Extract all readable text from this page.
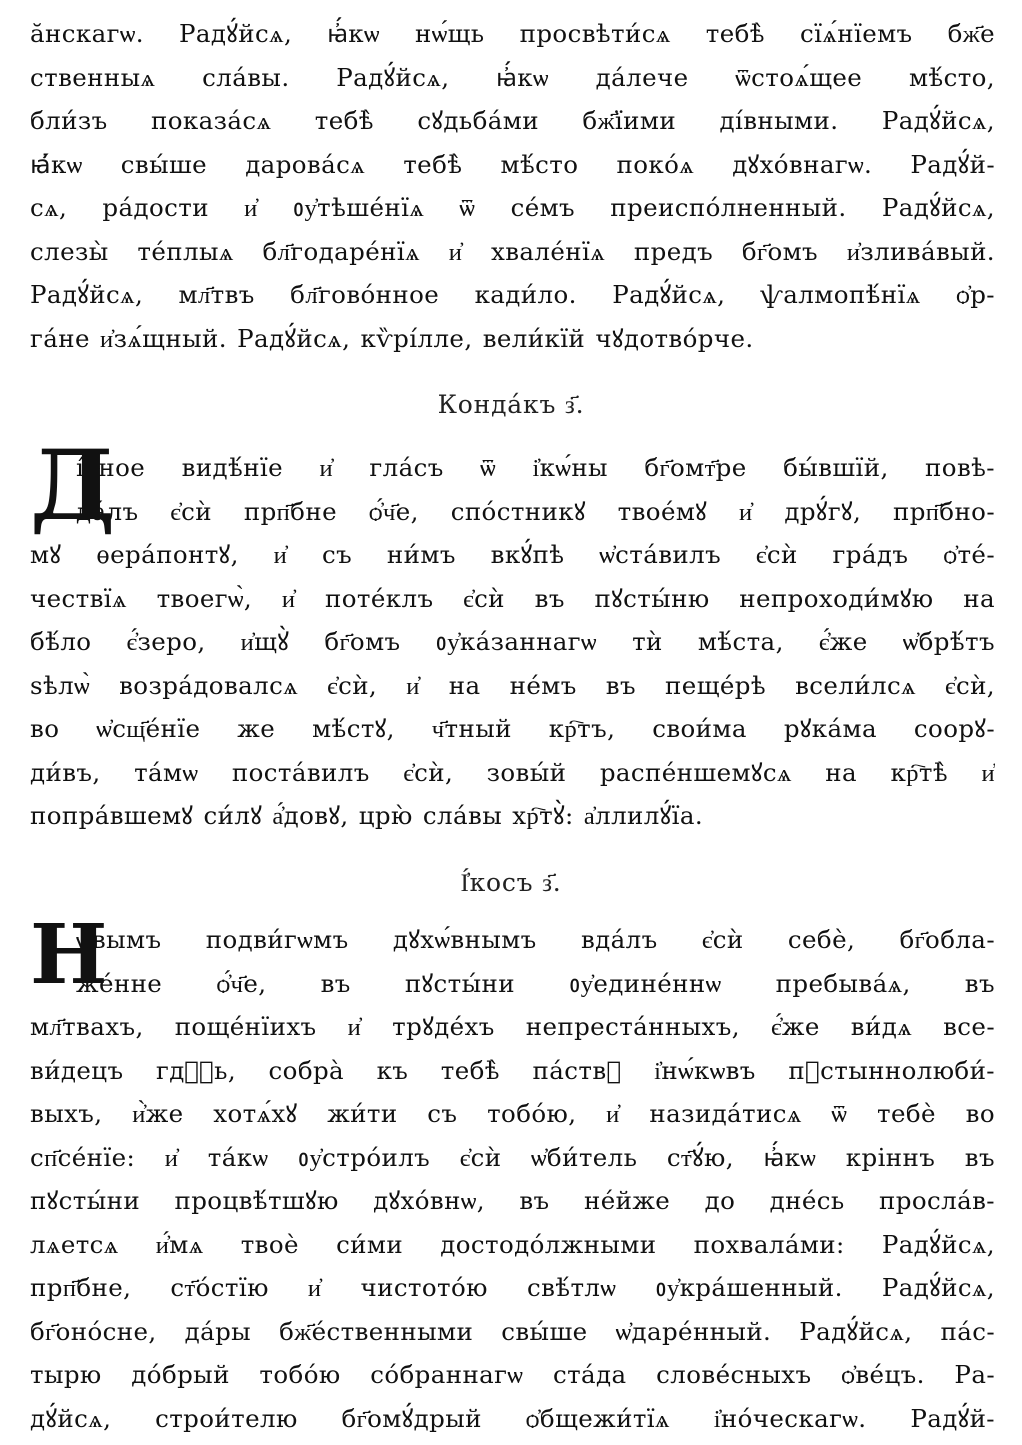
ӑнскагѡ. Радꙋ́йсѧ, ꙗ҆́кѡ нѡ́щь просвѣти́сѧ тебѣ̀ сїѧ́нїемъ бж҃е
ственныѧ сла́вы. Радꙋ́йсѧ, ꙗ҆́кѡ да́лече ѿстоѧ́щее мѣ́сто,
бли́зъ показа́сѧ тебѣ̀ сꙋдьба́ми бж҃їими ді́вными. Радꙋ́йсѧ,
ꙗ҆́кѡ свы́ше дарова́сѧ тебѣ̀ мѣ́сто поко́ѧ дꙋхо́внагѡ. Радꙋ́й-
сѧ, ра́дости и҆ ᲂу҆тѣше́нїѧ ѿ се́мъ преиспо́лненный. Радꙋ́йсѧ,
слезы̀ те́плыѧ бл҃годаре́нїѧ и҆ хвале́нїѧ предъ бг҃омъ и҆злива́вый.
Радꙋ́йсѧ, мл҃твъ бл҃гово́нное кади́ло. Радꙋ́йсѧ, ѱалмопѣ́нїѧ ѻ҆р-
га́не и҆зѧ́щный. Радꙋ́йсѧ, кѷрі́лле, вели́кїй чꙋдотво́рче.
Конда́къ з҃.
Д
і́вное видѣ́нїе и҆ гла́съ ѿ і҆кѡ́ны бг҃омт҃ре бы́вшїй, повѣ-
да́лъ є҆сѝ прп҃бне ѻ҆́ч҃е, спо́стникꙋ твое́мꙋ и҆ дрꙋ́гꙋ, прп҃бно-
мꙋ ѳера́понтꙋ, и҆ съ ни́мъ вкꙋ́пѣ ѡ҆ста́вилъ є҆сѝ гра́дъ ѻ҆те́-
чествїѧ твоегѡ̀, и҆ поте́клъ є҆сѝ въ пꙋсты́ню непроходи́мꙋю на
бѣ́ло є҆́зеро, и҆щꙋ̀ бг҃омъ ᲂу҆ка́заннагѡ тѝ мѣ́ста, є҆́же ѡ҆брѣ́тъ
ѕѣлѡ̀ возра́довалсѧ є҆сѝ, и҆ на не́мъ въ пеще́рѣ всели́лсѧ є҆сѝ,
во ѡ҆сщ҃е́нїе же мѣ́стꙋ, ч҃тный кр҇тъ, свои́ма рꙋка́ма соорꙋ-
ди́въ, та́мѡ поста́вилъ є҆сѝ, зовы́й распе́ншемꙋсѧ на кр҇тѣ̀ и҆
попра́вшемꙋ си́лꙋ а҆́довꙋ, црю̀ сла́вы хр҇тꙋ̀: а҆ллилꙋ́їа.
І҆́косъ з҃.
Н
ѡ́вымъ подви́гѡмъ дꙋхѡ́внымъ вда́лъ є҆сѝ себѐ, бг҃обла-
же́нне ѻ҆́ч҃е, въ пꙋсты́ни ᲂу҆едине́ннѡ пребыва́ѧ, въ
мл҃твахъ, поще́нїихъ и҆ трꙋде́хъ непреста́нныхъ, є҆́же ви́дѧ все-
ви́децъ гдⷭ҇ь, собра̀ къ тебѣ̀ па́ствꙋ і҆нѡ́кѡвъ пꙋстыннолюби́-
выхъ, и҆̀же хотѧ́хꙋ жи́ти съ тобо́ю, и҆ назида́тисѧ ѿ тебѐ во
сп҃се́нїе: и҆ та́кѡ ᲂу҆стро́илъ є҆сѝ ѡ҆би́тель ст҃ꙋ́ю, ꙗ҆́кѡ кріннъ въ
пꙋсты́ни процвѣ́тшꙋю дꙋхо́внѡ, въ не́йже до дне́сь просла́в-
лѧетсѧ и҆́мѧ твоѐ си́ми достодо́лжными похвала́ми: Радꙋ́йсѧ,
прп҃бне, ст҃о́стїю и҆ чистото́ю свѣ́тлѡ ᲂу҆кра́шенный. Радꙋ́йсѧ,
бг҃оно́сне, да́ры бж҃е́ственными свы́ше ѡ҆даре́нный. Радꙋ́йсѧ, па́с-
тырю до́брый тобо́ю со́браннагѡ ста́да слове́сныхъ ѻ҆ве́цъ. Ра-
дꙋ́йсѧ, строи́телю бг҃омꙋ́дрый ѻ҆бщежи́тїѧ і҆но́ческагѡ. Радꙋ́й-
